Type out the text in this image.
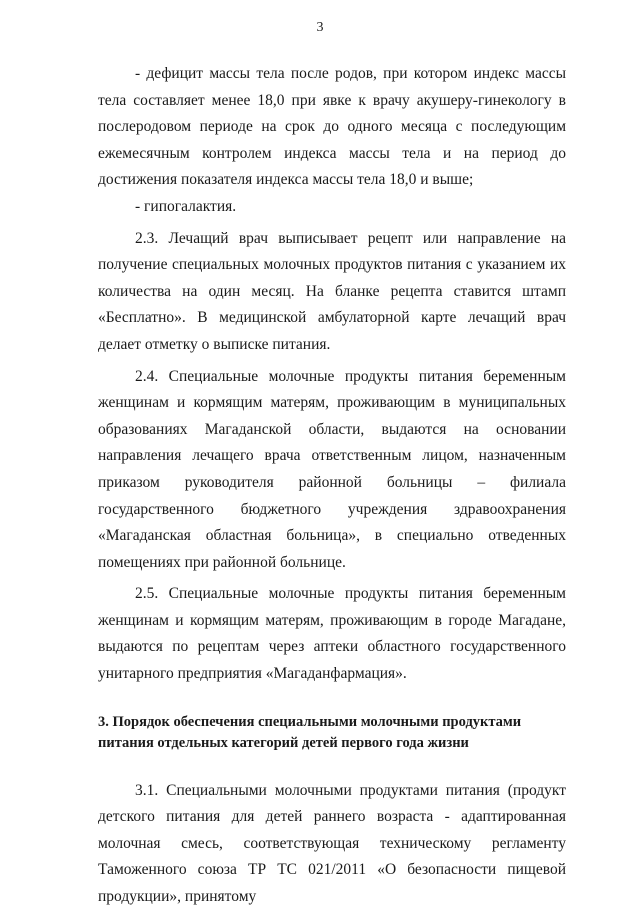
3

- дефицит массы тела после родов, при котором индекс массы тела составляет менее 18,0 при явке к врачу акушеру-гинекологу в послеродовом периоде на срок до одного месяца с последующим ежемесячным контролем индекса массы тела и на период до достижения показателя индекса массы тела 18,0 и выше;

- гипогалактия.

2.3. Лечащий врач выписывает рецепт или направление на получение специальных молочных продуктов питания с указанием их количества на один месяц. На бланке рецепта ставится штамп «Бесплатно». В медицинской амбулаторной карте лечащий врач делает отметку о выписке питания.

2.4. Специальные молочные продукты питания беременным женщинам и кормящим матерям, проживающим в муниципальных образованиях Магаданской области, выдаются на основании направления лечащего врача ответственным лицом, назначенным приказом руководителя районной больницы – филиала государственного бюджетного учреждения здравоохранения «Магаданская областная больница», в специально отведенных помещениях при районной больнице.

2.5. Специальные молочные продукты питания беременным женщинам и кормящим матерям, проживающим в городе Магадане, выдаются по рецептам через аптеки областного государственного унитарного предприятия «Магаданфармация».

3. Порядок обеспечения специальными молочными продуктами

питания отдельных категорий детей первого года жизни

3.1. Специальными молочными продуктами питания (продукт детского питания для детей раннего возраста - адаптированная молочная смесь, соответствующая техническому регламенту Таможенного союза ТР ТС 021/2011 «О безопасности пищевой продукции», принятому
